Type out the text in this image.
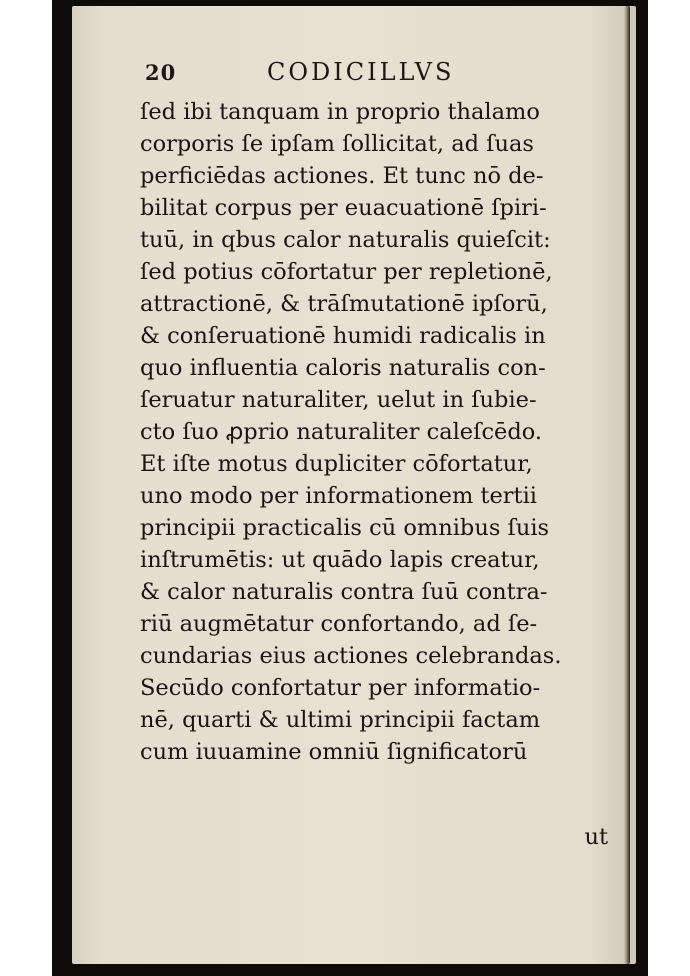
20	CODICILLVS
ſed ibi tanquam in proprio thalamo
corporis ſe ipſam ſollicitat, ad ſuas
perficiēdas actiones. Et tunc nō de-
bilitat corpus per euacuationē ſpiri-
tuū, in qbus calor naturalis quieſcit:
ſed potius cōfortatur per repletionē,
attractionē, & trāſmutationē ipſorū,
& conſeruationē humidi radicalis in
quo influentia caloris naturalis con-
ſeruatur naturaliter, uelut in ſubie-
cto ſuo ꝓprio naturaliter caleſcēdo.
Et iſte motus dupliciter cōfortatur,
uno modo per informationem tertii
principii practicalis cū omnibus ſuis
inſtrumētis: ut quādo lapis creatur,
& calor naturalis contra ſuū contra-
riū augmētatur confortando, ad ſe-
cundarias eius actiones celebrandas.
Secūdo confortatur per informatio-
nē, quarti & ultimi principii factam
cum iuuamine omniū ſignificatorū
ut
